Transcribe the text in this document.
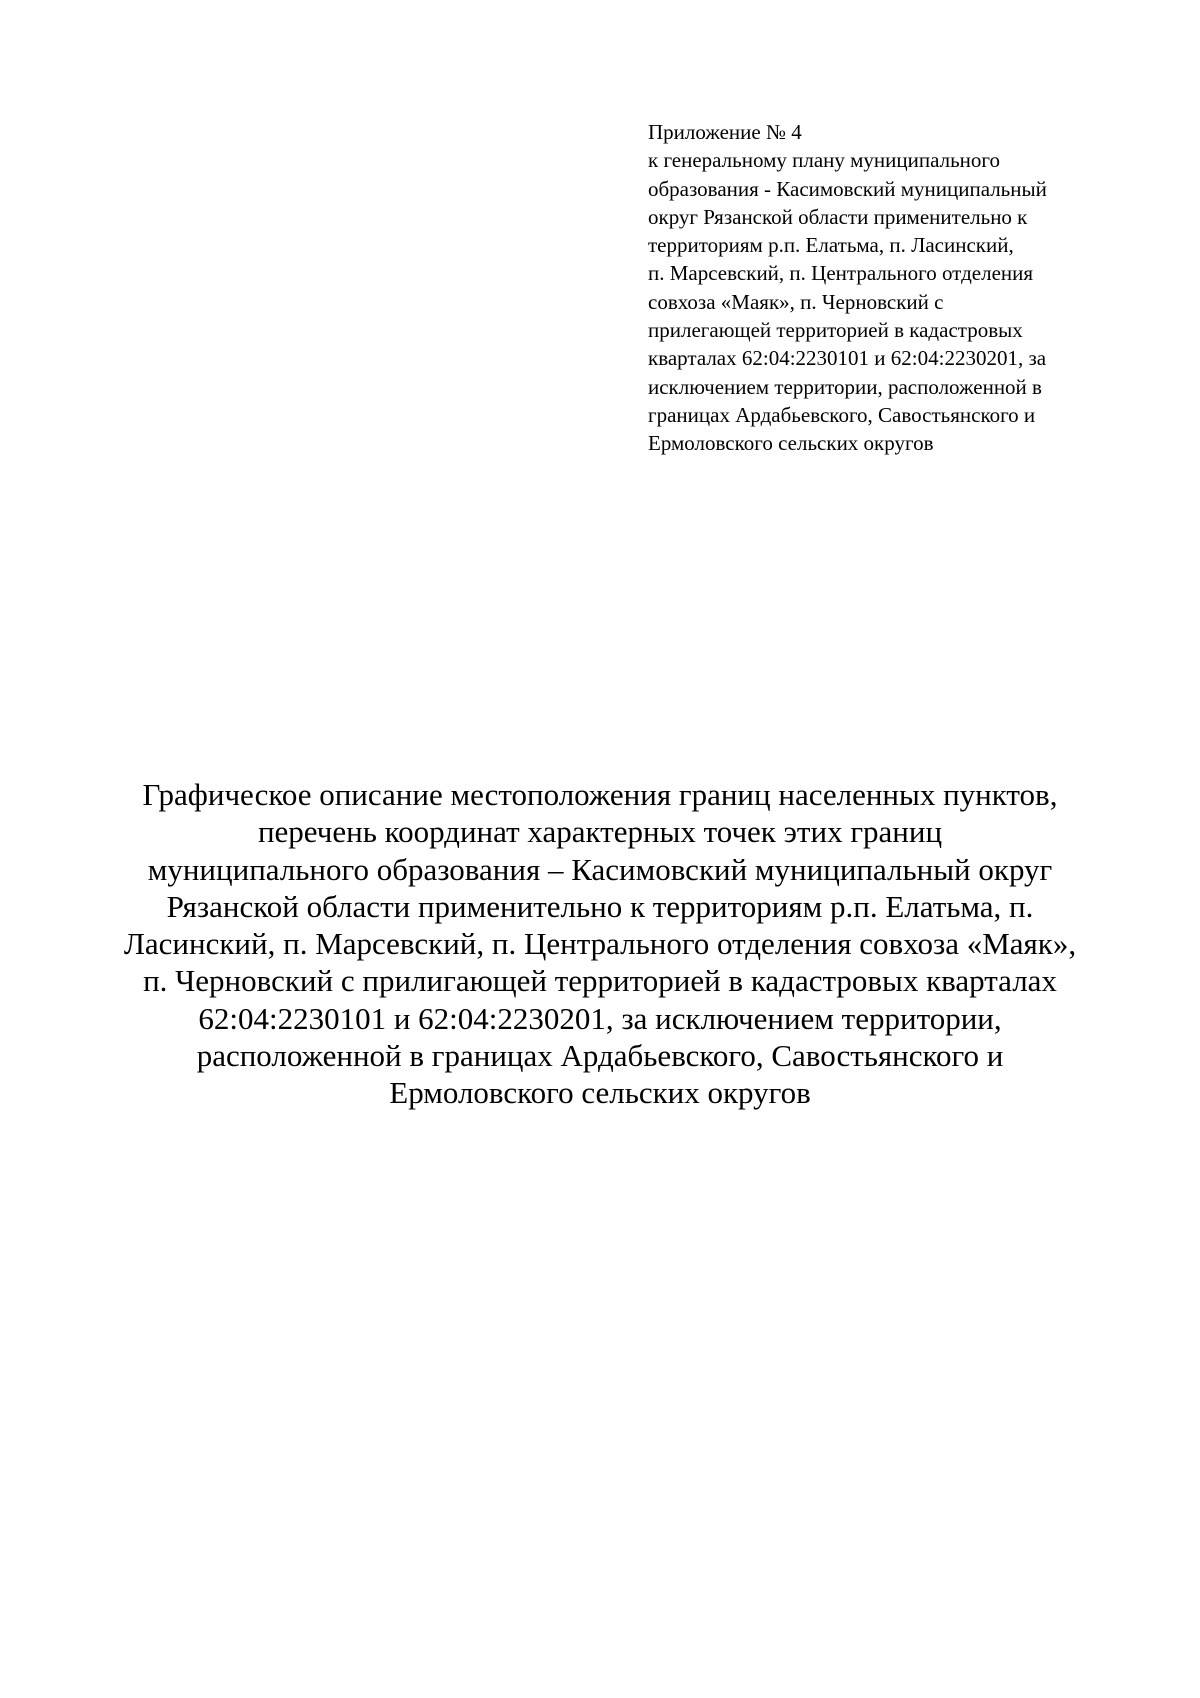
Приложение № 4
к генеральному плану муниципального
образования - Касимовский муниципальный
округ Рязанской области применительно к
территориям р.п. Елатьма, п. Ласинский,
п. Марсевский, п. Центрального отделения
совхоза «Маяк», п. Черновский с
прилегающей территорией в кадастровых
кварталах 62:04:2230101 и 62:04:2230201, за
исключением территории, расположенной в
границах Ардабьевского, Савостьянского и
Ермоловского сельских округов
Графическое описание местоположения границ населенных пунктов,
перечень координат характерных точек этих границ
муниципального образования – Касимовский муниципальный округ
Рязанской области применительно к территориям р.п. Елатьма, п.
Ласинский, п. Марсевский, п. Центрального отделения совхоза «Маяк»,
п. Черновский с прилигающей территорией в кадастровых кварталах
62:04:2230101 и 62:04:2230201, за исключением территории,
расположенной в границах Ардабьевского, Савостьянского и
Ермоловского сельских округов
